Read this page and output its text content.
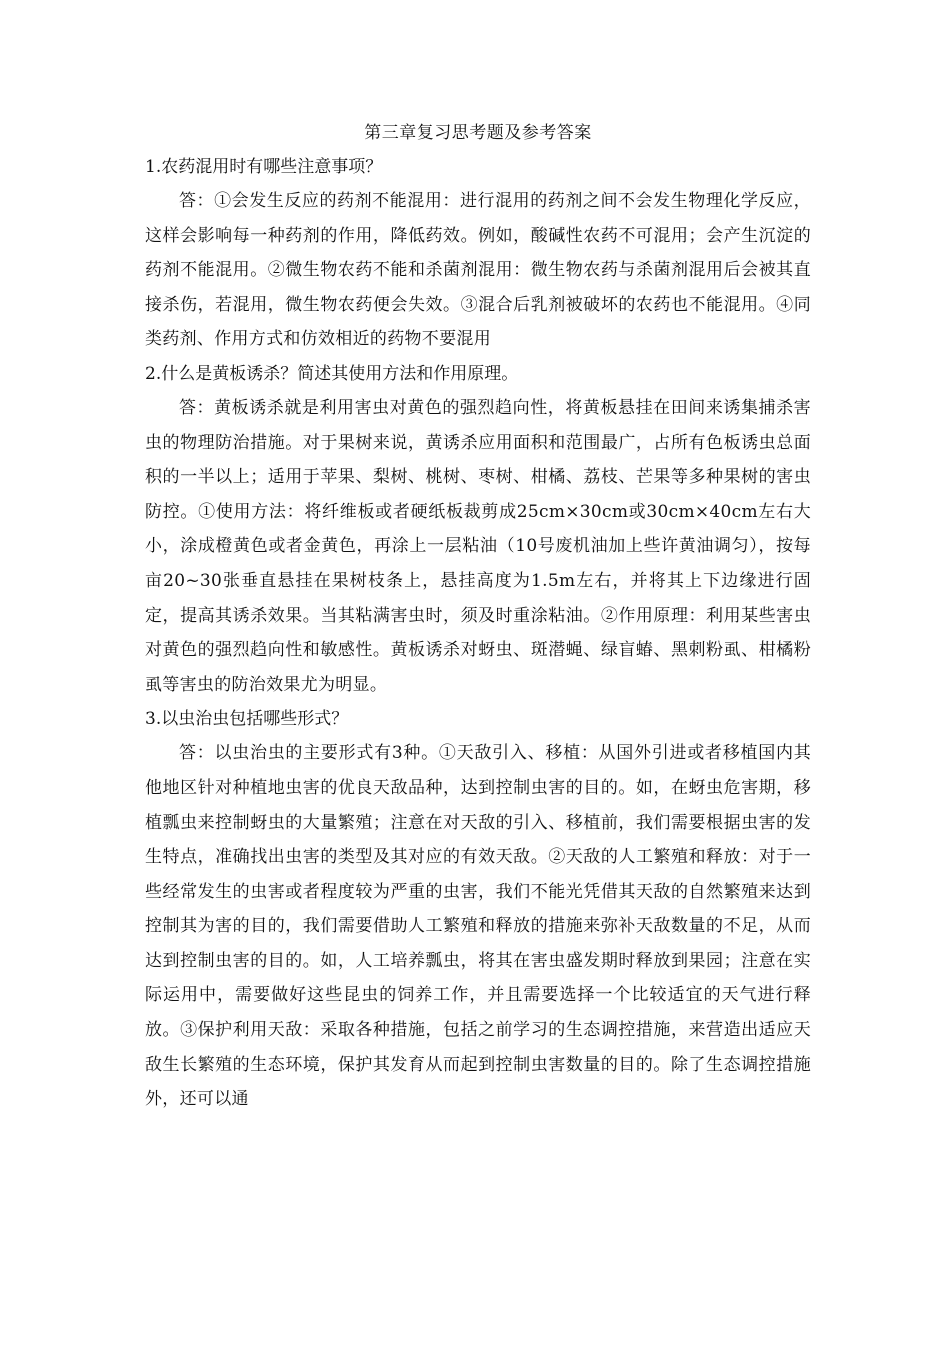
第三章复习思考题及参考答案

1.农药混用时有哪些注意事项？

答：①会发生反应的药剂不能混用：进行混用的药剂之间不会发生物理化学反应，这样会影响每一种药剂的作用，降低药效。例如，酸碱性农药不可混用；会产生沉淀的药剂不能混用。②微生物农药不能和杀菌剂混用：微生物农药与杀菌剂混用后会被其直接杀伤，若混用，微生物农药便会失效。③混合后乳剂被破坏的农药也不能混用。④同类药剂、作用方式和仿效相近的药物不要混用

2.什么是黄板诱杀？简述其使用方法和作用原理。

答：黄板诱杀就是利用害虫对黄色的强烈趋向性，将黄板悬挂在田间来诱集捕杀害虫的物理防治措施。对于果树来说，黄诱杀应用面积和范围最广，占所有色板诱虫总面积的一半以上；适用于苹果、梨树、桃树、枣树、柑橘、荔枝、芒果等多种果树的害虫防控。①使用方法：将纤维板或者硬纸板裁剪成25cm×30cm或30cm×40cm左右大小，涂成橙黄色或者金黄色，再涂上一层粘油（10号废机油加上些许黄油调匀），按每亩20~30张垂直悬挂在果树枝条上，悬挂高度为1.5m左右，并将其上下边缘进行固定，提高其诱杀效果。当其粘满害虫时，须及时重涂粘油。②作用原理：利用某些害虫对黄色的强烈趋向性和敏感性。黄板诱杀对蚜虫、斑潜蝇、绿盲蝽、黑刺粉虱、柑橘粉虱等害虫的防治效果尤为明显。

3.以虫治虫包括哪些形式？

答：以虫治虫的主要形式有3种。①天敌引入、移植：从国外引进或者移植国内其他地区针对种植地虫害的优良天敌品种，达到控制虫害的目的。如，在蚜虫危害期，移植瓢虫来控制蚜虫的大量繁殖；注意在对天敌的引入、移植前，我们需要根据虫害的发生特点，准确找出虫害的类型及其对应的有效天敌。②天敌的人工繁殖和释放：对于一些经常发生的虫害或者程度较为严重的虫害，我们不能光凭借其天敌的自然繁殖来达到控制其为害的目的，我们需要借助人工繁殖和释放的措施来弥补天敌数量的不足，从而达到控制虫害的目的。如，人工培养瓢虫，将其在害虫盛发期时释放到果园；注意在实际运用中，需要做好这些昆虫的饲养工作，并且需要选择一个比较适宜的天气进行释放。③保护利用天敌：采取各种措施，包括之前学习的生态调控措施，来营造出适应天敌生长繁殖的生态环境，保护其发育从而起到控制虫害数量的目的。除了生态调控措施外，还可以通
